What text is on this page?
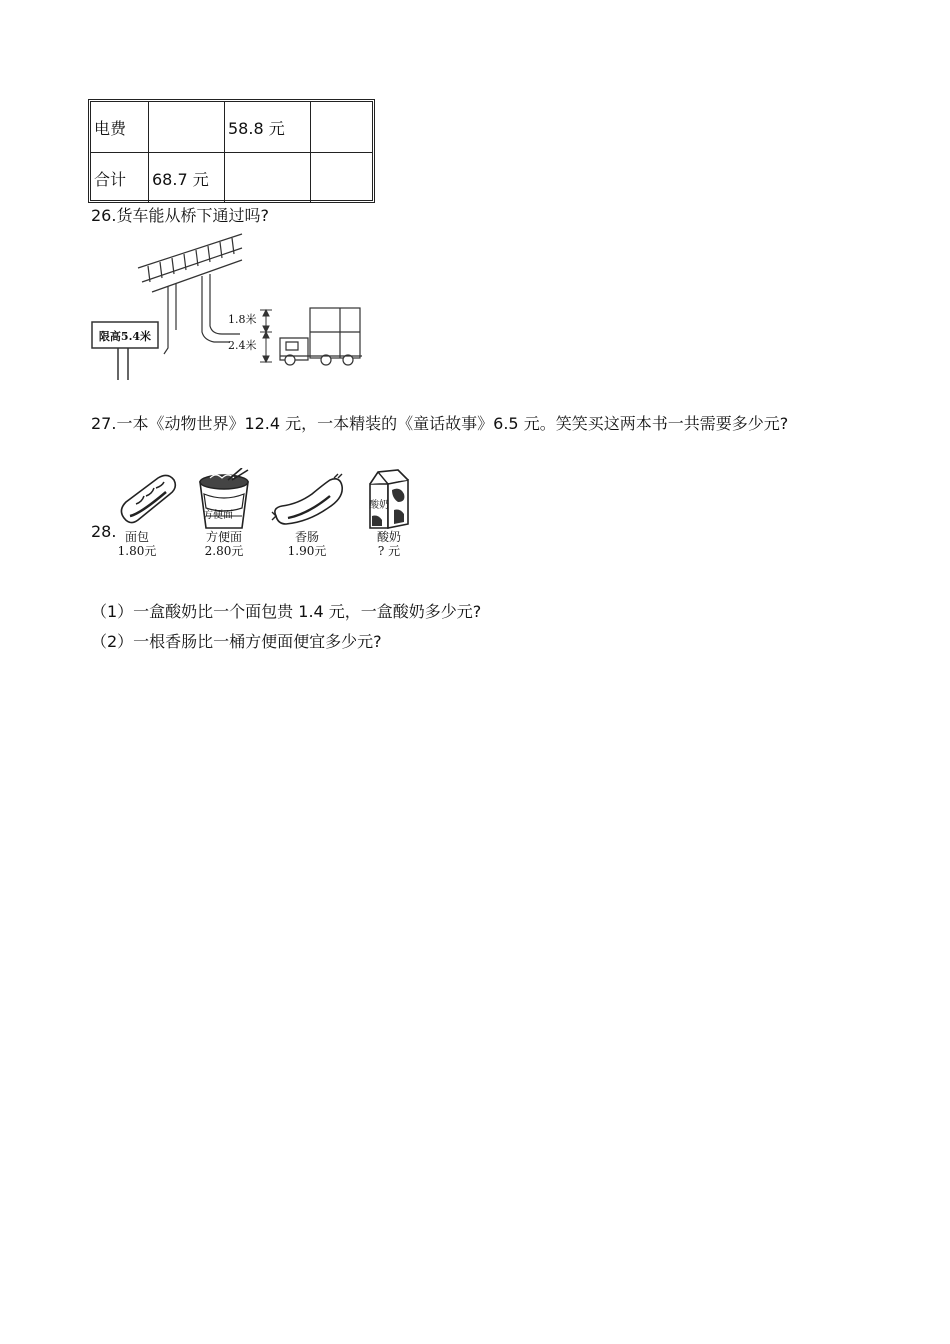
电费	58.8 元
合计	68.7 元
26.货车能从桥下通过吗?
限高5.4米
1.8米
2.4米
27.一本《动物世界》12.4 元，一本精装的《童话故事》6.5 元。笑笑买这两本书一共需要多少元?
28. 面包
1.80元
方便面
方便面
2.80元
香肠
1.90元
酸奶
酸奶
? 元
（1）一盒酸奶比一个面包贵 1.4 元，一盒酸奶多少元?
（2）一根香肠比一桶方便面便宜多少元?
